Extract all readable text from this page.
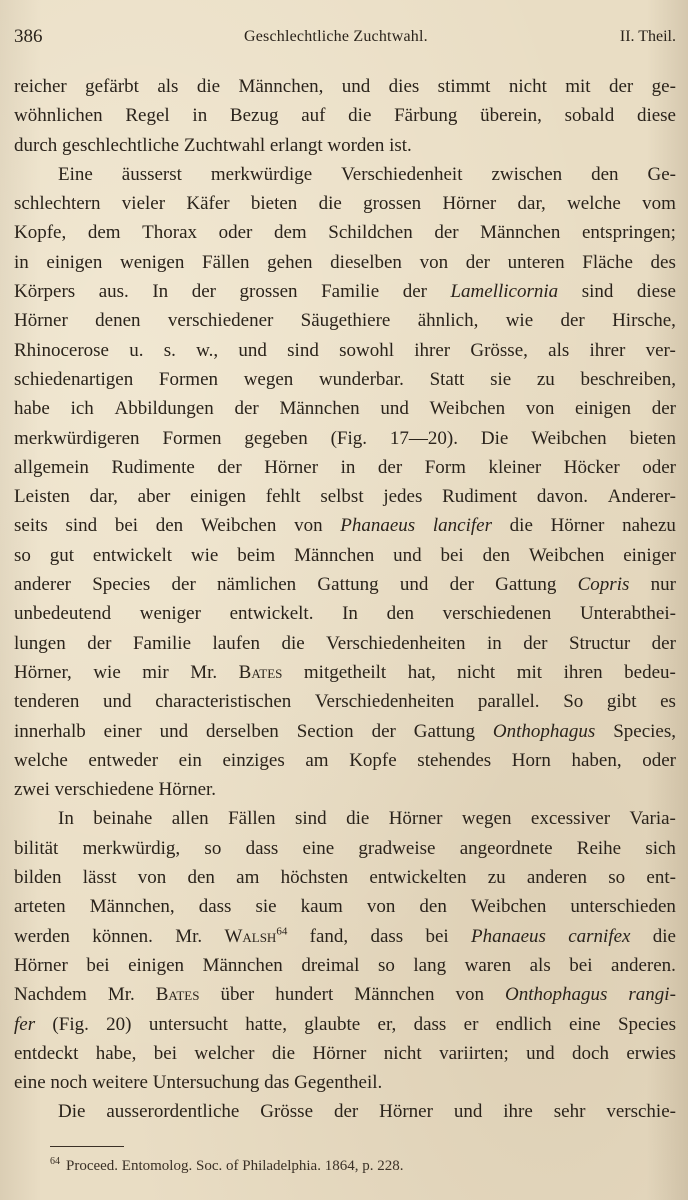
386	Geschlechtliche Zuchtwahl.	II. Theil.
reicher gefärbt als die Männchen, und dies stimmt nicht mit der ge-
wöhnlichen Regel in Bezug auf die Färbung überein, sobald diese
durch geschlechtliche Zuchtwahl erlangt worden ist.
Eine äusserst merkwürdige Verschiedenheit zwischen den Ge-
schlechtern vieler Käfer bieten die grossen Hörner dar, welche vom
Kopfe, dem Thorax oder dem Schildchen der Männchen entspringen;
in einigen wenigen Fällen gehen dieselben von der unteren Fläche des
Körpers aus. In der grossen Familie der Lamellicornia sind diese
Hörner denen verschiedener Säugethiere ähnlich, wie der Hirsche,
Rhinocerose u. s. w., und sind sowohl ihrer Grösse, als ihrer ver-
schiedenartigen Formen wegen wunderbar. Statt sie zu beschreiben,
habe ich Abbildungen der Männchen und Weibchen von einigen der
merkwürdigeren Formen gegeben (Fig. 17—20). Die Weibchen bieten
allgemein Rudimente der Hörner in der Form kleiner Höcker oder
Leisten dar, aber einigen fehlt selbst jedes Rudiment davon. Anderer-
seits sind bei den Weibchen von Phanaeus lancifer die Hörner nahezu
so gut entwickelt wie beim Männchen und bei den Weibchen einiger
anderer Species der nämlichen Gattung und der Gattung Copris nur
unbedeutend weniger entwickelt. In den verschiedenen Unterabthei-
lungen der Familie laufen die Verschiedenheiten in der Structur der
Hörner, wie mir Mr. Bates mitgetheilt hat, nicht mit ihren bedeu-
tenderen und characteristischen Verschiedenheiten parallel. So gibt es
innerhalb einer und derselben Section der Gattung Onthophagus Species,
welche entweder ein einziges am Kopfe stehendes Horn haben, oder
zwei verschiedene Hörner.
In beinahe allen Fällen sind die Hörner wegen excessiver Varia-
bilität merkwürdig, so dass eine gradweise angeordnete Reihe sich
bilden lässt von den am höchsten entwickelten zu anderen so ent-
arteten Männchen, dass sie kaum von den Weibchen unterschieden
werden können. Mr. Walsh$^{64}$ fand, dass bei Phanaeus carnifex die
Hörner bei einigen Männchen dreimal so lang waren als bei anderen.
Nachdem Mr. Bates über hundert Männchen von Onthophagus rangi-
fer (Fig. 20) untersucht hatte, glaubte er, dass er endlich eine Species
entdeckt habe, bei welcher die Hörner nicht variirten; und doch erwies
eine noch weitere Untersuchung das Gegentheil.
Die ausserordentliche Grösse der Hörner und ihre sehr verschie-
$^{64}$ Proceed. Entomolog. Soc. of Philadelphia. 1864, p. 228.
